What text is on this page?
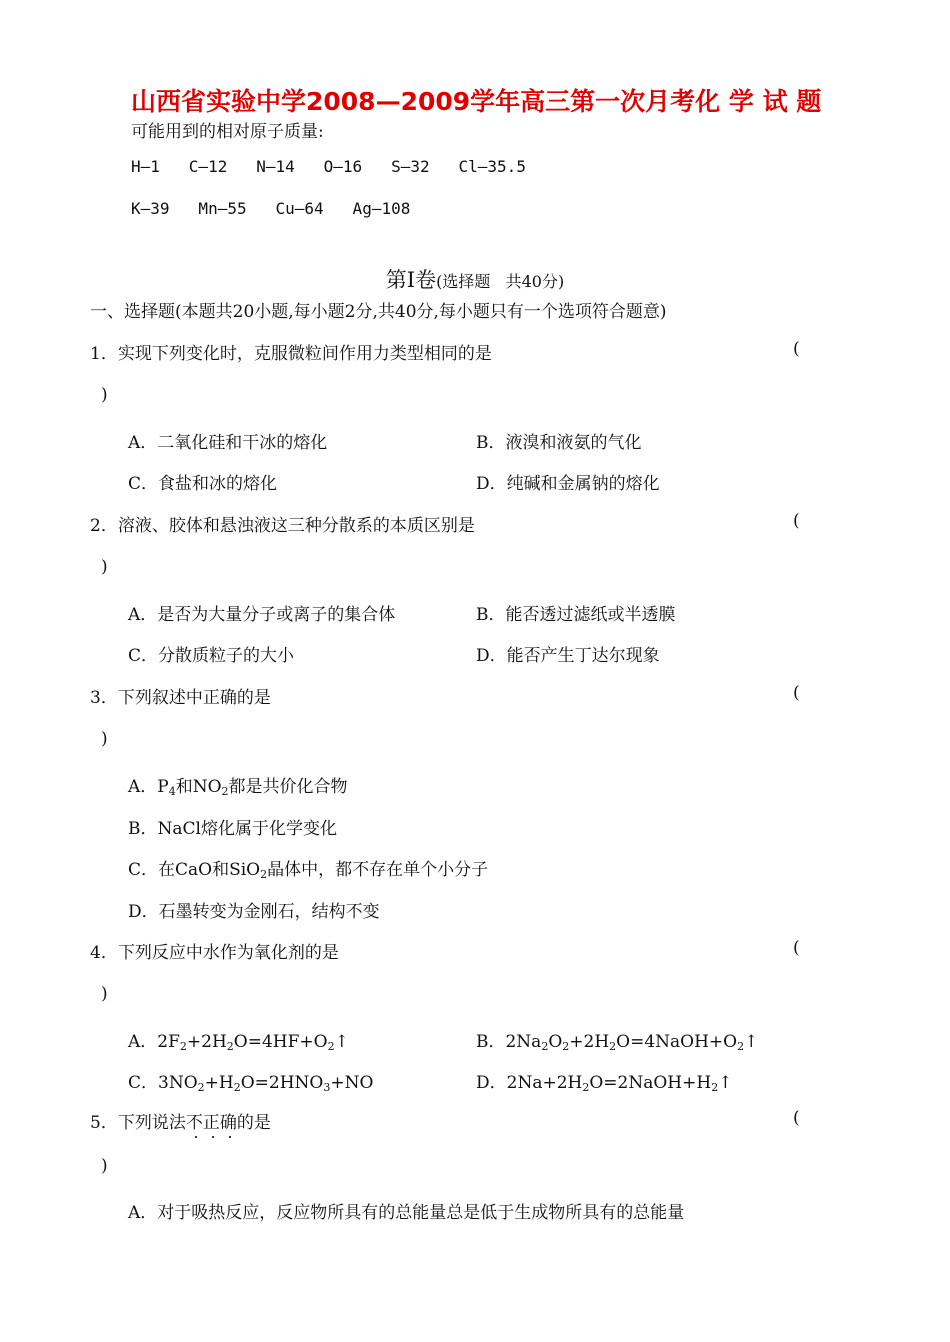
山西省实验中学2008—2009学年高三第一次月考化 学 试 题
可能用到的相对原子质量:
H—1   C—12   N—14   O—16   S—32   Cl—35.5
K—39   Mn—55   Cu—64   Ag—108
第Ⅰ卷(选择题   共40分)
一、选择题(本题共20小题,每小题2分,共40分,每小题只有一个选项符合题意)
1．实现下列变化时，克服微粒间作用力类型相同的是	(
)
A．二氧化硅和干冰的熔化	B．液溴和液氨的气化
C．食盐和冰的熔化	D．纯碱和金属钠的熔化
2．溶液、胶体和悬浊液这三种分散系的本质区别是	(
)
A．是否为大量分子或离子的集合体	B．能否透过滤纸或半透膜
C．分散质粒子的大小	D．能否产生丁达尔现象
3．下列叙述中正确的是	(
)
A．$P_4$和$NO_2$都是共价化合物
B．NaCl熔化属于化学变化
C．在CaO和SiO$_2$晶体中，都不存在单个小分子
D．石墨转变为金刚石，结构不变
4．下列反应中水作为氧化剂的是	(
)
A．$2F_2+2H_2O=4HF+O_2↑$	B．$2Na_2O_2+2H_2O=4NaOH+O_2↑$
C．$3NO_2+H_2O=2HNO_3+NO$	D．$2Na+2H_2O=2NaOH+H_2↑$
5．下列说法不正确的是	(
)
A．对于吸热反应，反应物所具有的总能量总是低于生成物所具有的总能量
